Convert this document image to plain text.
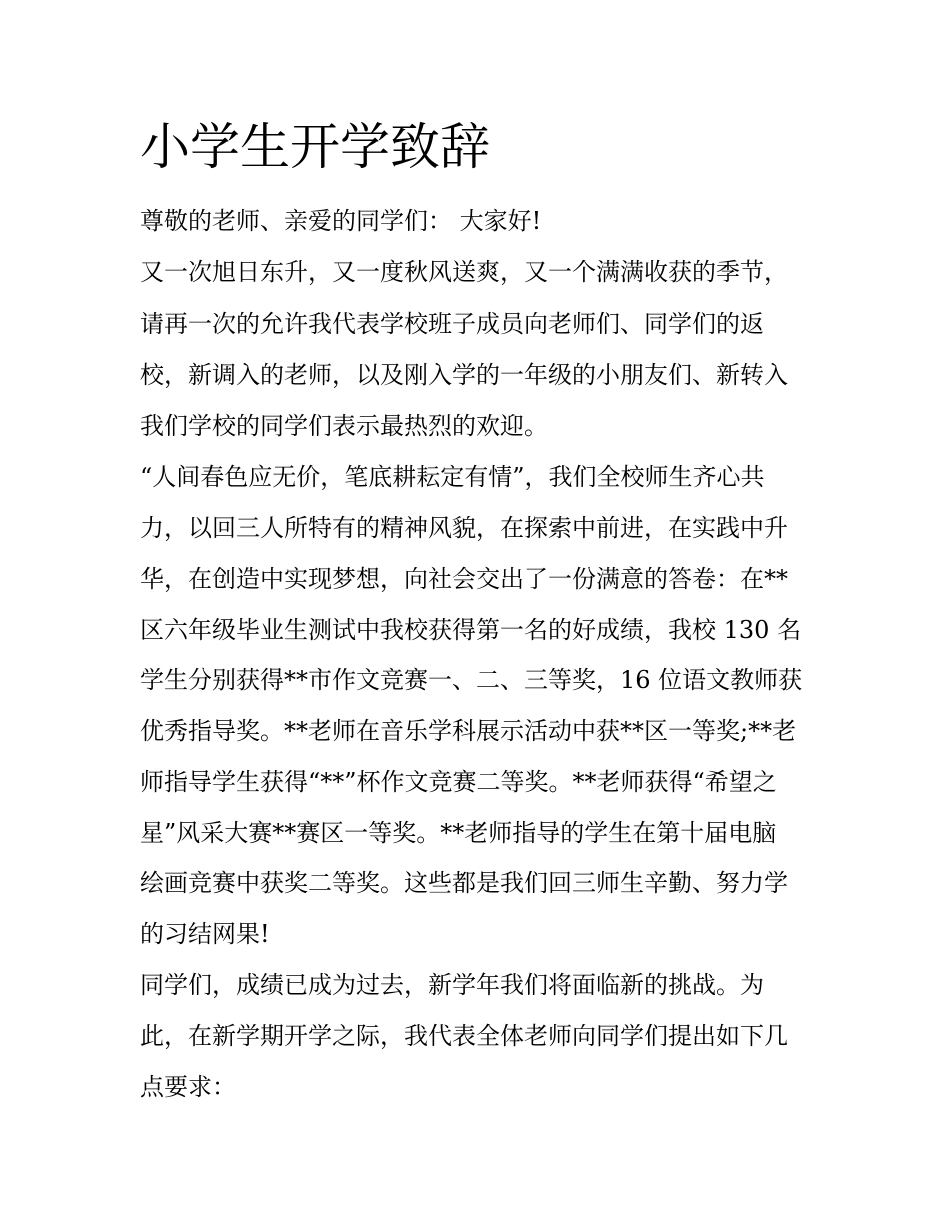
小学生开学致辞

尊敬的老师、亲爱的同学们： 大家好!

又一次旭日东升，又一度秋风送爽，又一个满满收获的季节，

请再一次的允许我代表学校班子成员向老师们、同学们的返

校，新调入的老师，以及刚入学的一年级的小朋友们、新转入

我们学校的同学们表示最热烈的欢迎。

“人间春色应无价，笔底耕耘定有情”，我们全校师生齐心共

力，以回三人所特有的精神风貌，在探索中前进，在实践中升

华，在创造中实现梦想，向社会交出了一份满意的答卷：在**

区六年级毕业生测试中我校获得第一名的好成绩，我校 130 名

学生分别获得**市作文竞赛一、二、三等奖，16 位语文教师获

优秀指导奖。**老师在音乐学科展示活动中获**区一等奖;**老

师指导学生获得“**”杯作文竞赛二等奖。**老师获得“希望之

星”风采大赛**赛区一等奖。**老师指导的学生在第十届电脑

绘画竞赛中获奖二等奖。这些都是我们回三师生辛勤、努力学

的习结网果!

同学们，成绩已成为过去，新学年我们将面临新的挑战。为

此，在新学期开学之际，我代表全体老师向同学们提出如下几

点要求：
